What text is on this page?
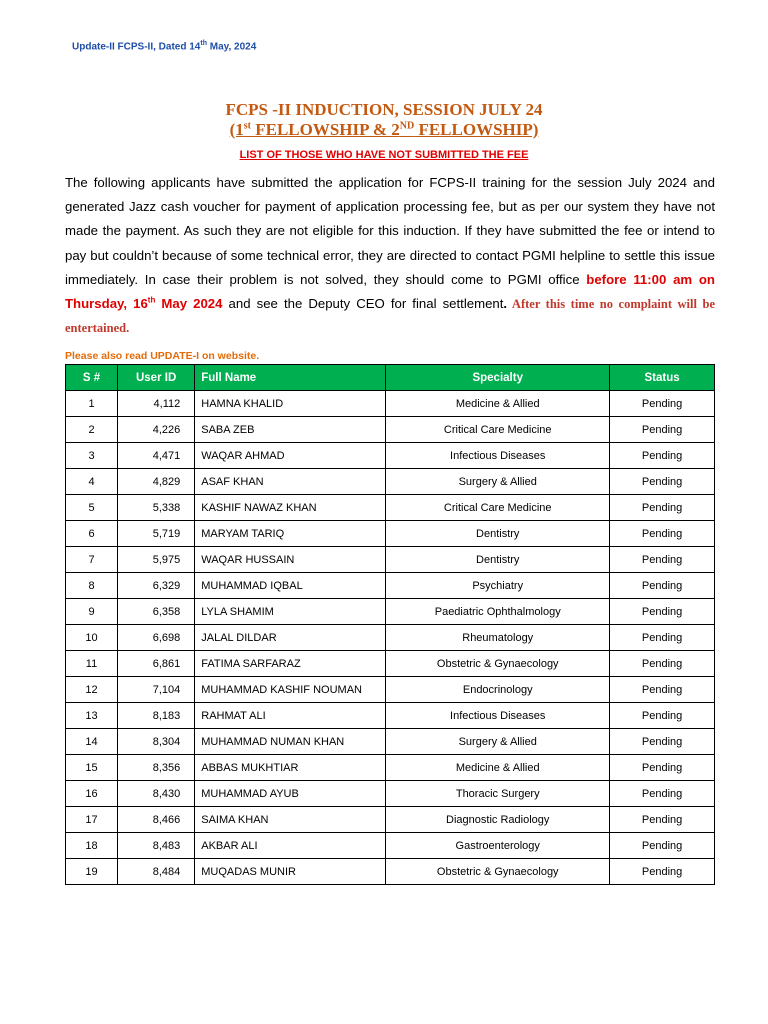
Update-II FCPS-II, Dated 14th May, 2024
FCPS -II INDUCTION, SESSION JULY 24
(1st FELLOWSHIP & 2ND FELLOWSHIP)
LIST OF THOSE WHO HAVE NOT SUBMITTED THE FEE
The following applicants have submitted the application for FCPS-II training for the session July 2024 and generated Jazz cash voucher for payment of application processing fee, but as per our system they have not made the payment. As such they are not eligible for this induction. If they have submitted the fee or intend to pay but couldn’t because of some technical error, they are directed to contact PGMI helpline to settle this issue immediately. In case their problem is not solved, they should come to PGMI office before 11:00 am on Thursday, 16th May 2024 and see the Deputy CEO for final settlement. After this time no complaint will be entertained.
Please also read UPDATE-I on website.
S #	User ID	Full Name	Specialty	Status
1	4,112	HAMNA KHALID	Medicine & Allied	Pending
2	4,226	SABA ZEB	Critical Care Medicine	Pending
3	4,471	WAQAR AHMAD	Infectious Diseases	Pending
4	4,829	ASAF KHAN	Surgery & Allied	Pending
5	5,338	KASHIF NAWAZ KHAN	Critical Care Medicine	Pending
6	5,719	MARYAM TARIQ	Dentistry	Pending
7	5,975	WAQAR HUSSAIN	Dentistry	Pending
8	6,329	MUHAMMAD IQBAL	Psychiatry	Pending
9	6,358	LYLA SHAMIM	Paediatric Ophthalmology	Pending
10	6,698	JALAL DILDAR	Rheumatology	Pending
11	6,861	FATIMA SARFARAZ	Obstetric & Gynaecology	Pending
12	7,104	MUHAMMAD KASHIF NOUMAN	Endocrinology	Pending
13	8,183	RAHMAT ALI	Infectious Diseases	Pending
14	8,304	MUHAMMAD NUMAN KHAN	Surgery & Allied	Pending
15	8,356	ABBAS MUKHTIAR	Medicine & Allied	Pending
16	8,430	MUHAMMAD AYUB	Thoracic Surgery	Pending
17	8,466	SAIMA KHAN	Diagnostic Radiology	Pending
18	8,483	AKBAR ALI	Gastroenterology	Pending
19	8,484	MUQADAS MUNIR	Obstetric & Gynaecology	Pending
